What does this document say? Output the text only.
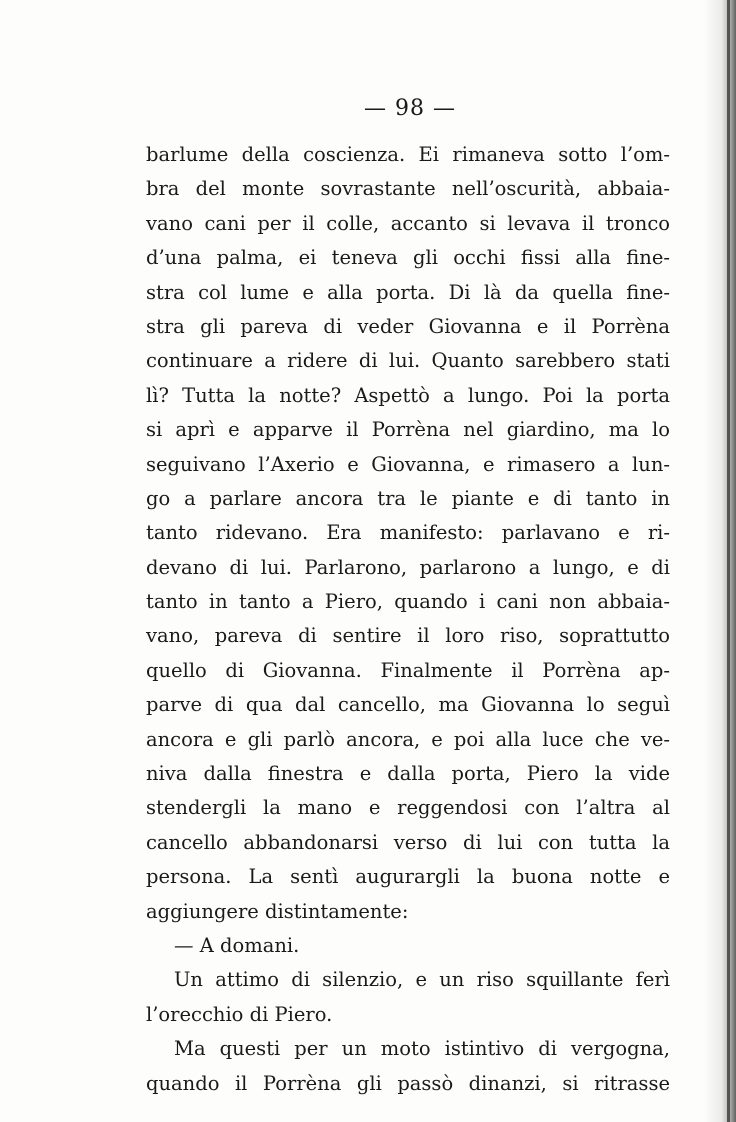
— 98 —
barlume della coscienza. Ei rimaneva sotto l’om-
bra del monte sovrastante nell’oscurità, abbaia-
vano cani per il colle, accanto si levava il tronco
d’una palma, ei teneva gli occhi fissi alla fine-
stra col lume e alla porta. Di là da quella fine-
stra gli pareva di veder Giovanna e il Porrèna
continuare a ridere di lui. Quanto sarebbero stati
lì? Tutta la notte? Aspettò a lungo. Poi la porta
si aprì e apparve il Porrèna nel giardino, ma lo
seguivano l’Axerio e Giovanna, e rimasero a lun-
go a parlare ancora tra le piante e di tanto in
tanto ridevano. Era manifesto: parlavano e ri-
devano di lui. Parlarono, parlarono a lungo, e di
tanto in tanto a Piero, quando i cani non abbaia-
vano, pareva di sentire il loro riso, soprattutto
quello di Giovanna. Finalmente il Porrèna ap-
parve di qua dal cancello, ma Giovanna lo seguì
ancora e gli parlò ancora, e poi alla luce che ve-
niva dalla finestra e dalla porta, Piero la vide
stendergli la mano e reggendosi con l’altra al
cancello abbandonarsi verso di lui con tutta la
persona. La sentì augurargli la buona notte e
aggiungere distintamente:
— A domani.
Un attimo di silenzio, e un riso squillante ferì
l’orecchio di Piero.
Ma questi per un moto istintivo di vergogna,
quando il Porrèna gli passò dinanzi, si ritrasse
